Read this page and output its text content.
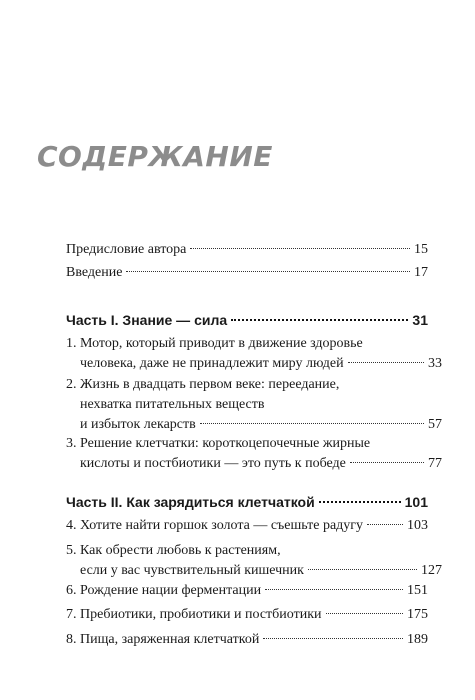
СОДЕРЖАНИЕ
Предисловие автора	15
Введение	17
Часть I. Знание — сила	31
1. Мотор, который приводит в движение здоровье
человека, даже не принадлежит миру людей	33
2. Жизнь в двадцать первом веке: переедание,
нехватка питательных веществ
и избыток лекарств	57
3. Решение клетчатки: короткоцепочечные жирные
кислоты и постбиотики — это путь к победе	77
Часть II. Как зарядиться клетчаткой	101
4. Хотите найти горшок золота — съешьте радугу	103
5. Как обрести любовь к растениям,
если у вас чувствительный кишечник	127
6. Рождение нации ферментации	151
7. Пребиотики, пробиотики и постбиотики	175
8. Пища, заряженная клетчаткой	189
